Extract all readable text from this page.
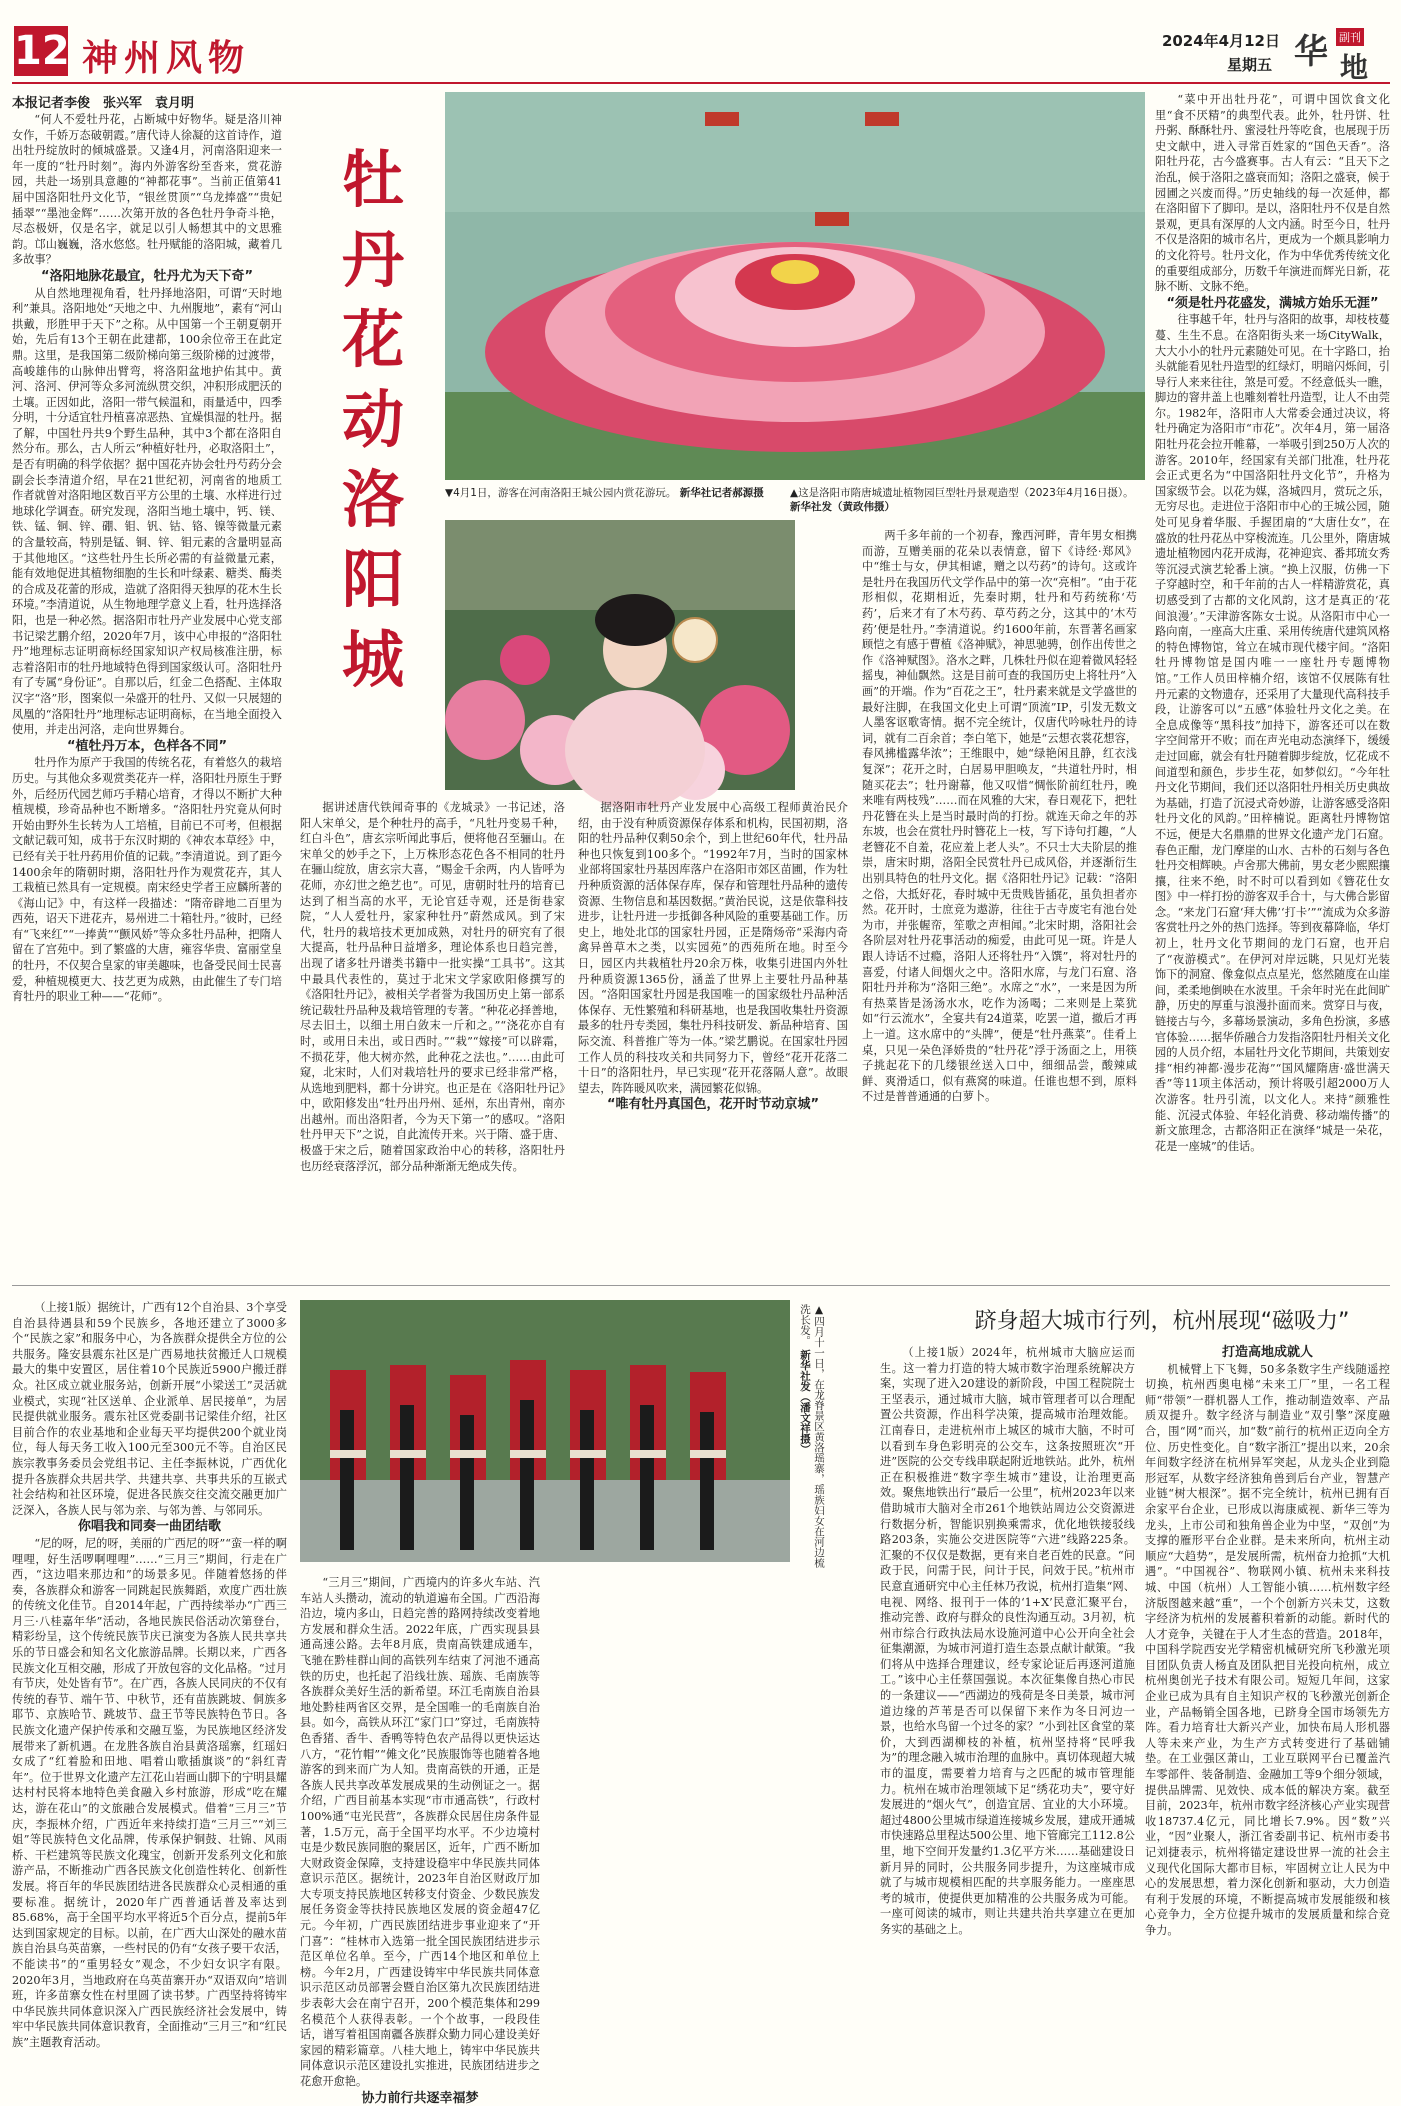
12 神州风物	2024年4月12日
星期五 华 副刊
地
本报记者李俊　张兴军　袁月明
牡
丹
花
动
洛
阳
城
▼4月1日，游客在河南洛阳王城公园内赏花游玩。 新华社记者郝源摄	▲这是洛阳市隋唐城遗址植物园巨型牡丹景观造型（2023年4月16日摄）。 新华社发（黄政伟摄）

“何人不爱牡丹花，占断城中好物华。疑是洛川神女作，千娇万态破朝霞。”唐代诗人徐凝的这首诗作，道出牡丹绽放时的倾城盛景。又逢4月，河南洛阳迎来一年一度的“牡丹时刻”。海内外游客纷至沓来，赏花游园，共赴一场别具意趣的“神都花事”。当前正值第41届中国洛阳牡丹文化节，“银丝贯顶”“乌龙捧盛”“贵妃插翠”“墨池金辉”……次第开放的各色牡丹争奇斗艳，尽态极妍，仅是名字，就足以引人畅想其中的文思雅韵。邙山巍巍，洛水悠悠。牡丹赋能的洛阳城，藏着几多故事？

“洛阳地脉花最宜，牡丹尤为天下奇”

从自然地理视角看，牡丹择地洛阳，可谓“天时地利”兼具。洛阳地处“天地之中、九州腹地”，素有“河山拱戴，形胜甲于天下”之称。从中国第一个王朝夏朝开始，先后有13个王朝在此建都，100余位帝王在此定鼎。这里，是我国第二级阶梯向第三级阶梯的过渡带，高峻雄伟的山脉伸出臂弯，将洛阳盆地护佑其中。黄河、洛河、伊河等众多河流纵贯交织，冲积形成肥沃的土壤。正因如此，洛阳一带气候温和，雨量适中，四季分明，十分适宜牡丹植喜凉恶热、宜燥惧湿的牡丹。据了解，中国牡丹共9个野生品种，其中3个都在洛阳自然分布。那么，古人所云“种植好牡丹，必取洛阳土”，是否有明确的科学依据？据中国花卉协会牡丹芍药分会副会长李清道介绍，早在21世纪初，河南省的地质工作者就曾对洛阳地区数百平方公里的土壤、水样进行过地球化学调查。研究发现，洛阳当地土壤中，钙、镁、铁、锰、铜、锌、硼、钼、钒、钴、铬、镍等微量元素的含量较高，特别是锰、铜、锌、钼元素的含量明显高于其他地区。“这些牡丹生长所必需的有益微量元素，能有效地促进其植物细胞的生长和叶绿素、糖类、酶类的合成及花蕾的形成，造就了洛阳得天独厚的花木生长环境。”李清道说，从生物地理学意义上看，牡丹选择洛阳，也是一种必然。据洛阳市牡丹产业发展中心党支部书记梁艺鹏介绍，2020年7月，该中心申报的“洛阳牡丹”地理标志证明商标经国家知识产权局核准注册，标志着洛阳市的牡丹地域特色得到国家级认可。洛阳牡丹有了专属“身份证”。自那以后，红金二色搭配、主体取汉字“洛”形，图案似一朵盛开的牡丹、又似一只展翅的凤凰的“洛阳牡丹”地理标志证明商标，在当地全面投入使用，并走出河洛，走向世界舞台。

“植牡丹万本，色样各不同”

牡丹作为原产于我国的传统名花，有着悠久的栽培历史。与其他众多观赏类花卉一样，洛阳牡丹原生于野外，后经历代园艺师巧手精心培育，才得以不断扩大种植规模，珍奇品种也不断增多。“洛阳牡丹究竟从何时开始由野外生长转为人工培植，目前已不可考，但根据文献记载可知，成书于东汉时期的《神农本草经》中，已经有关于牡丹药用价值的记载。”李清道说。到了距今1400余年的隋朝时期，洛阳牡丹作为观赏花卉，其人工栽植已然具有一定规模。南宋经史学者王应麟所著的《海山记》中，有这样一段描述：“隋帝辟地二百里为西苑，诏天下进花卉，易州进二十箱牡丹。”彼时，已经有“飞来红”“一捧黄”“颤风娇”等众多牡丹品种，把隋人留在了宫苑中。到了繁盛的大唐，雍容华贵、富丽堂皇的牡丹，不仅契合皇家的审美趣味，也备受民间士民喜爱，种植规模更大、技艺更为成熟，由此催生了专门培育牡丹的职业工种——“花师”。

据讲述唐代铁闻奇事的《龙城录》一书记述，洛阳人宋单父，是个种牡丹的高手，“凡牡丹变易千种，红白斗色”，唐玄宗听闻此事后，便将他召至骊山。在宋单父的妙手之下，上万株形态花色各不相同的牡丹在骊山绽放，唐玄宗大喜，“赐金千余两，内人皆呼为花师，亦幻世之绝艺也”。可见，唐朝时牡丹的培育已达到了相当高的水平，无论官廷寺观，还是街巷家院，“人人爱牡丹，家家种牡丹”蔚然成风。到了宋代，牡丹的栽培技术更加成熟，对牡丹的研究有了很大提高，牡丹品种日益增多，理论体系也日趋完善，出现了诸多牡丹谱类书籍中一批实操“工具书”。这其中最具代表性的，莫过于北宋文学家欧阳修撰写的《洛阳牡丹记》，被相关学者誉为我国历史上第一部系统记载牡丹品种及栽培管理的专著。“种花必择善地，尽去旧土，以细土用白敛末一斤和之。”“浇花亦自有时，或用日未出，或日西时。”“栽”“嫁接”可以辟霜，不损花芽，他大树亦然，此种花之法也。”……由此可窥，北宋时，人们对栽培牡丹的要求已经非常严格，从选地到肥料，都十分讲究。也正是在《洛阳牡丹记》中，欧阳修发出“牡丹出丹州、延州，东出青州，南亦出越州。而出洛阳者，今为天下第一”的感叹。“洛阳牡丹甲天下”之说，自此流传开来。兴于隋、盛于唐、极盛于宋之后，随着国家政治中心的转移，洛阳牡丹也历经衰落浮沉，部分品种渐渐无绝成失传。

据洛阳市牡丹产业发展中心高级工程师黄治民介绍，由于没有种质资源保存体系和机构，民国初期，洛阳的牡丹品种仅剩50余个，到上世纪60年代，牡丹品种也只恢复到100多个。“1992年7月，当时的国家林业部将国家牡丹基因库落户在洛阳市郊区苗圃，作为牡丹种质资源的活体保存库，保存和管理牡丹品种的遗传资源、生物信息和基因数据。”黄治民说，这是依靠科技进步，让牡丹进一步抵御各种风险的重要基础工作。历史上，地处北邙的国家牡丹园，正是隋炀帝“采海内奇禽异兽草木之类，以实园苑”的西苑所在地。时至今日，园区内共栽植牡丹20余万株，收集引进国内外牡丹种质资源1365份，涵盖了世界上主要牡丹品种基因。“洛阳国家牡丹园是我国唯一的国家级牡丹品种活体保存、无性繁殖和科研基地，也是我国收集牡丹资源最多的牡丹专类园，集牡丹科技研发、新品种培育、国际交流、科普推广等为一体。”梁艺鹏说。在国家牡丹园工作人员的科技攻关和共同努力下，曾经“花开花落二十日”的洛阳牡丹，早已实现“花开花落隔人意”。故眼望去，阵阵暖风吹来，满园繁花似锦。

“唯有牡丹真国色，花开时节动京城”

两千多年前的一个初春，豫西河畔，青年男女相携而游，互赠美丽的花朵以表情意，留下《诗经·郑风》中“维士与女，伊其相谑，赠之以芍药”的诗句。这或许是牡丹在我国历代文学作品中的第一次“亮相”。“由于花形相似，花期相近，先秦时期，牡丹和芍药统称‘芍药’，后来才有了木芍药、草芍药之分，这其中的‘木芍药’便是牡丹。”李清道说。约1600年前，东晋著名画家顾恺之有感于曹植《洛神赋》，神思驰骋，创作出传世之作《洛神赋图》。洛水之畔，几株牡丹似在迎着微风轻轻摇曳，神仙飘然。这是目前可查的我国历史上将牡丹“入画”的开端。作为“百花之王”，牡丹素来就是文学盛世的最好注脚，在我国文化史上可谓“顶流”IP，引发无数文人墨客讴歌寄情。据不完全统计，仅唐代吟咏牡丹的诗词，就有二百余首；李白笔下，她是“云想衣裳花想容，春风拂槛露华浓”；王维眼中，她“绿艳闲且静，红衣浅复深”；花开之时，白居易甲胆唤友，“共道牡丹时，相随买花去”；牡丹谢幕，他又叹惜“惆怅阶前红牡丹，晚来唯有两枝残”……而在风雅的大宋，春日观花下，把牡丹花簪在头上是当时最时尚的打扮。就连天命之年的苏东坡，也会在赏牡丹时簪花上一枝，写下诗句打趣，“人老簪花不自羞，花应羞上老人头”。不只士大夫阶层的推崇，唐宋时期，洛阳全民赏牡丹已成风俗，并逐渐衍生出别具特色的牡丹文化。据《洛阳牡丹记》记载：“洛阳之俗，大抵好花，春时城中无贵贱皆插花，虽负担者亦然。花开时，士庶竞为遨游，往往于古寺废宅有池台处为市，并张幄帟，笙歌之声相闻。”北宋时期，洛阳社会各阶层对牡丹花事活动的痴爱，由此可见一斑。许是人跟人诗话不过瘾，洛阳人还将牡丹“入馔”，将对牡丹的喜爱，付诸人间烟火之中。洛阳水席，与龙门石窟、洛阳牡丹并称为“洛阳三绝”。水席之“水”，一来是因为所有热菜皆是汤汤水水，吃作为汤喝；二来则是上菜犹如“行云流水”，全宴共有24道菜，吃罢一道，撤后才再上一道。这水席中的“头牌”，便是“牡丹燕菜”。佳肴上桌，只见一朵色泽娇贵的“牡丹花”浮于汤面之上，用筷子挑起花下的几缕银丝送入口中，细细品尝，酸辣咸鲜、爽滑适口，似有燕窝的味道。任谁也想不到，原料不过是普普通通的白萝卜。

“菜中开出牡丹花”，可谓中国饮食文化里“食不厌精”的典型代表。此外，牡丹饼、牡丹粥、酥酥牡丹、蜜浸牡丹等吃食，也展现于历史文献中，进入寻常百姓家的“国色天香”。洛阳牡丹花，古今盛赛事。古人有云：“且天下之治乱，候于洛阳之盛衰而知；洛阳之盛衰，候于园圃之兴废而得。”历史轴线的每一次延伸，都在洛阳留下了脚印。是以，洛阳牡丹不仅是自然景观，更具有深厚的人文内涵。时至今日，牡丹不仅是洛阳的城市名片，更成为一个颇具影响力的文化符号。牡丹文化，作为中华优秀传统文化的重要组成部分，历数千年演进而辉光日新，花脉不断、文脉不绝。

“须是牡丹花盛发，满城方始乐无涯”

往事越千年，牡丹与洛阳的故事，却枝枝蔓蔓、生生不息。在洛阳街头来一场CityWalk，大大小小的牡丹元素随处可见。在十字路口，抬头就能看见牡丹造型的红绿灯，明暗闪烁间，引导行人来来往往，煞是可爱。不经意低头一瞧，脚边的窨井盖上也雕刻着牡丹造型，让人不由莞尔。1982年，洛阳市人大常委会通过决议，将牡丹确定为洛阳市“市花”。次年4月，第一届洛阳牡丹花会拉开帷幕，一举吸引到250万人次的游客。2010年，经国家有关部门批准，牡丹花会正式更名为“中国洛阳牡丹文化节”，升格为国家级节会。以花为媒，洛城四月，赏玩之乐，无穷尽也。走进位于洛阳市中心的王城公园，随处可见身着华服、手握团扇的“大唐仕女”，在盛放的牡丹花丛中穿梭流连。几公里外，隋唐城遗址植物园内花开成海，花神迎宾、番邦琉女秀等沉浸式演艺轮番上演。“换上汉服，仿佛一下子穿越时空，和千年前的古人一样精游赏花，真切感受到了古都的文化风韵，这才是真正的‘花间浪漫’。”天津游客陈女士说。从洛阳市中心一路向南，一座高大庄重、采用传统唐代建筑风格的特色博物馆，耸立在城市现代楼宇间。“洛阳牡丹博物馆是国内唯一一座牡丹专题博物馆。”工作人员田梓楠介绍，该馆不仅展陈有牡丹元素的文物遗存，还采用了大量现代高科技手段，让游客可以“五感”体验牡丹文化之美。在全息成像等“黑科技”加持下，游客还可以在数字空间常开不败；而在声光电动态演绎下，缓缓走过回廊，就会有牡丹随着脚步绽放，忆花成不间道型和颜色，步步生花，如梦似幻。“今年牡丹文化节期间，我们还以洛阳牡丹相关历史典故为基础，打造了沉浸式奇妙游，让游客感受洛阳牡丹文化的风韵。”田梓楠说。距离牡丹博物馆不远，便是大名鼎鼎的世界文化遗产龙门石窟。春色正酣，龙门摩崖的山水、古朴的石刻与各色牡丹交相辉映。卢舍那大佛前，男女老少熙熙攘攘，往来不绝，时不时可以看到如《簪花仕女图》中一样打扮的游客双手合十，与大佛合影留念。“来龙门石窟‘拜大佛’‘打卡’”“流成为众多游客赏牡丹之外的热门选择。等到夜幕降临，华灯初上，牡丹文化节期间的龙门石窟，也开启了“夜游模式”。在伊河对岸远眺，只见灯光装饰下的洞窟、像龛似点点星光，悠然随度在山崖间，柔柔地倒映在水波里。千余年时光在此间旷静，历史的厚重与浪漫扑面而来。赏穿日与夜，链接古与今，多幕场景演动，多角色扮演，多感官体验……据华侨融合力发指洛阳牡丹相关文化园的人员介绍，本届牡丹文化节期间，共策划安排“相约神都·漫步花海”“国风耀隋唐·盛世满天香”等11项主体活动，预计将吸引超2000万人次游客。牡丹引流，以文化人。来持“颜雅性能、沉浸式体验、年轻化消费、移动端传播”的新文旅理念，古都洛阳正在演绎“城是一朵花，花是一座城”的佳话。

（上接1版）据统计，广西有12个自治县、3个享受自治县待遇县和59个民族乡，各地还建立了3000多个“民族之家”和服务中心，为各族群众提供全方位的公共服务。隆安县震东社区是广西易地扶贫搬迁人口规模最大的集中安置区，居住着10个民族近5900户搬迁群众。社区成立就业服务站，创新开展“小梁送工”灵活就业模式，实现“社区送单、企业派单、居民接单”，为居民提供就业服务。震东社区党委副书记梁佳介绍，社区目前合作的农业基地和企业每天平均提供200个就业岗位，每人每天务工收入100元至300元不等。自治区民族宗教事务委员会党组书记、主任李振林说，广西优化提升各族群众共居共学、共建共享、共事共乐的互嵌式社会结构和社区环境，促进各民族交往交流交融更加广泛深入，各族人民与邻为亲、与邻为善、与邻同乐。

你唱我和同奏一曲团结歌

“尼的呀，尼的呀，美丽的广西尼的呀”“蛮一样的啊哩哩，好生活啰啊哩哩”……“三月三”期间，行走在广西，“这边唱来那边和”的场景多见。伴随着悠扬的伴奏，各族群众和游客一同跳起民族舞蹈，欢度广西壮族的传统文化佳节。自2014年起，广西持续举办“广西三月三·八桂嘉年华”活动，各地民族民俗活动次第登台，精彩纷呈，这个传统民族节庆已演变为各族人民共享共乐的节日盛会和知名文化旅游品牌。长期以来，广西各民族文化互相交融，形成了开放包容的文化品格。“过月有节庆，处处皆有节”。在广西，各族人民同庆的不仅有传统的春节、端午节、中秋节，还有苗族跳坡、侗族多耶节、京族哈节、跳坡节、盘王节等民族特色节日。各民族文化遗产保护传承和交融互鉴，为民族地区经济发展带来了新机遇。在龙胜各族自治县黄洛瑶寨，红瑶妇女成了“红着脸和田地、唱着山歌插旗谈”的“斜红青年”。位于世界文化遗产左江花山岩画山脚下的宁明县耀达村村民将本地特色美食融入乡村旅游，形成“吃在耀达，游在花山”的文旅融合发展模式。借着“三月三”节庆，李振林介绍，广西近年来持续打造“三月三”“刘三姐”等民族特色文化品牌，传承保护铜鼓、壮锦、风雨桥、干栏建筑等民族文化瑰宝，创新开发系列文化和旅游产品，不断推动广西各民族文化创造性转化、创新性发展。将百年的华民族团结进各民族群众心灵相通的重要标准。据统计，2020年广西普通话普及率达到85.68%，高于全国平均水平将近5个百分点，提前5年达到国家规定的目标。以前，在广西大山深处的融水苗族自治县乌英苗寨，一些村民的仍有“女孩子要干农活，不能读书”的“重男轻女”观念，不少妇女识字有限。2020年3月，当地政府在乌英苗寨开办“双语双向”培训班，许多苗寨女性在村里圆了读书梦。广西坚持将铸牢中华民族共同体意识深入广西民族经济社会发展中，铸牢中华民族共同体意识教育，全面推动“三月三”和“红民族”主题教育活动。

▲四月十一日，在龙脊景区黄洛瑶寨，瑶族妇女在河边梳洗长发。 新华社发（潘文祥摄）

“三月三”期间，广西境内的许多火车站、汽车站人头攒动，流动的轨道遍布全国。广西沿海沿边，境内多山，日趋完善的路网持续改变着地方发展和群众生活。2022年底，广西实现县县通高速公路。去年8月底，贵南高铁建成通车，飞驰在黔桂群山间的高铁列车结束了河池不通高铁的历史，也托起了沿线壮族、瑶族、毛南族等各族群众美好生活的新希望。环江毛南族自治县地处黔桂两省区交界，是全国唯一的毛南族自治县。如今，高铁从环江“家门口”穿过，毛南族特色香猪、香牛、香鸭等特色农产品得以更快运达八方，“花竹帽”“傩文化”民族服饰等也随着各地游客的到来而广为人知。贵南高铁的开通，正是各族人民共享改革发展成果的生动例证之一。据介绍，广西目前基本实现“市市通高铁”，行政村100%通“屯光民营”，各族群众民居住房条件显著，1.5万元，高于全国平均水平。不少边境村屯是少数民族同胞的聚居区，近年，广西不断加大财政资金保障，支持建设稳牢中华民族共同体意识示范区。据统计，2023年自治区财政厅加大专项支持民族地区转移支付资金、少数民族发展任务资金等扶持民族地区发展的资金超47亿元。今年初，广西民族团结进步事业迎来了“开门喜”：“桂林市入选第一批全国民族团结进步示范区单位名单。至今，广西14个地区和单位上榜。今年2月，广西建设铸牢中华民族共同体意识示范区动员部署会暨自治区第九次民族团结进步表彰大会在南宁召开，200个模范集体和299名模范个人获得表彰。一个个故事，一段段佳话，谱写着祖国南疆各族群众勤力同心建设美好家园的精彩篇章。八桂大地上，铸牢中华民族共同体意识示范区建设扎实推进，民族团结进步之花愈开愈艳。

协力前行共逐幸福梦

跻身超大城市行列，杭州展现“磁吸力”

（上接1版）2024年，杭州城市大脑应运而生。这一着力打造的特大城市数字治理系统解决方案，实现了进入20建设的新阶段，中国工程院院士王坚表示，通过城市大脑，城市管理者可以合理配置公共资源，作出科学决策，提高城市治理效能。江南春日，走进杭州市上城区的城市大脑，不时可以看到车身色彩明亮的公交车，这条按照班次“开进”医院的公交专线串联起附近地铁站。此外，杭州正在积极推进“数字孪生城市”建设，让治理更高效。聚焦地铁出行“最后一公里”，杭州2023年以来借助城市大脑对全市261个地铁站周边公交资源进行数据分析，智能识别换乘需求，优化地铁接驳线路203条，实施公交进医院等“六进”线路225条。汇聚的不仅仅是数据，更有来自老百姓的民意。“问政于民，问需于民，问计于民，问效于民。”杭州市民意直通研究中心主任林乃孜说，杭州打造集“网、电视、网络、报刊于一体的‘1+X’民意汇聚平台，推动完善、政府与群众的良性沟通互动。3月初，杭州市综合行政执法局水设施河道中心公开向全社会征集潮源，为城市河道打造生态景点献计献策。“我们将从中选择合理建议，经专家论证后再逐河道施工。”该中心主任蔡国强说。本次征集像自热心市民的一条建议——“西湖边的残荷是冬日美景，城市河道边缘的芦苇是否可以保留下来作为冬日河边一景，也给水鸟留一个过冬的家？”小到社区食堂的菜价，大到西湖柳枝的补植，杭州坚持将“民呼我为”的理念融入城市治理的血脉中。真切体现超大城市的温度，需要着力培育与之匹配的城市管理能力。杭州在城市治理领域下足“绣花功夫”，要守好发展进的“烟火气”，创造宜居、宜业的大小环境。超过4800公里城市绿道连接城乡发展，建成开通城市快速路总里程达500公里、地下管廊完工112.8公里，地下空间开发量约1.3亿平方米……基础建设日新月异的同时，公共服务同步提升，为这座城市成就了与城市规模相匹配的共享服务能力。一座座思考的城市，使提供更加精准的公共服务成为可能。一座可阅读的城市，则让共建共治共享建立在更加务实的基础之上。

打造高地成就人

机械臂上下飞舞，50多条数字生产线随遥控切换，杭州西奥电梯“未来工厂”里，一名工程师“带领”一群机器人工作，推动制造效率、产品质双提升。数字经济与制造业“双引擎”深度融合，围“网”而兴，加“数”前行的杭州正迈向全方位、历史性变化。自“数字浙江”提出以来，20余年间数字经济在杭州异军突起，从龙头企业到隐形冠军，从数字经济独角兽到后台产业，智慧产业链“树大根深”。据不完全统计，杭州已拥有百余家平台企业，已形成以海康威视、新华三等为龙头，上市公司和独角兽企业为中坚，“双创”为支撑的雁形平台企业群。是未来所向，杭州主动顺应“大趋势”，是发展所需，杭州奋力抢抓“大机遇”。“中国视谷”、物联网小镇、杭州未来科技城、中国（杭州）人工智能小镇……杭州数字经济版图越来越“重”，一个个创新方兴未艾，这数字经济为杭州的发展蓄积着新的动能。新时代的人才竞争，关键在于人才生态的营造。2018年，中国科学院西安光学精密机械研究所飞秒激光项目团队负责人杨直及团队把目光投向杭州，成立杭州奥创光子技术有限公司。短短几年间，这家企业已成为具有自主知识产权的飞秒激光创新企业，产品畅销全国各地，已跻身全国市场领先方阵。看力培育壮大新兴产业，加快布局人形机器人等未来产业，为生产方式转变进行了基础铺垫。在工业强区萧山，工业互联网平台已覆盖汽车零部件、装备制造、金融加工等9个细分领域，提供品牌需、见效快、成本低的解决方案。截至目前，2023年，杭州市数字经济核心产业实现营收18737.4亿元，同比增长7.9%。因“数”兴业，“因”业聚人，浙江省委副书记、杭州市委书记刘捷表示，杭州将锚定建设世界一流的社会主义现代化国际大都市目标，牢固树立让人民为中心的发展思想，着力深化创新和驱动，大力创造有利于发展的环境，不断提高城市发展能级和核心竞争力，全方位提升城市的发展质量和综合竞争力。
